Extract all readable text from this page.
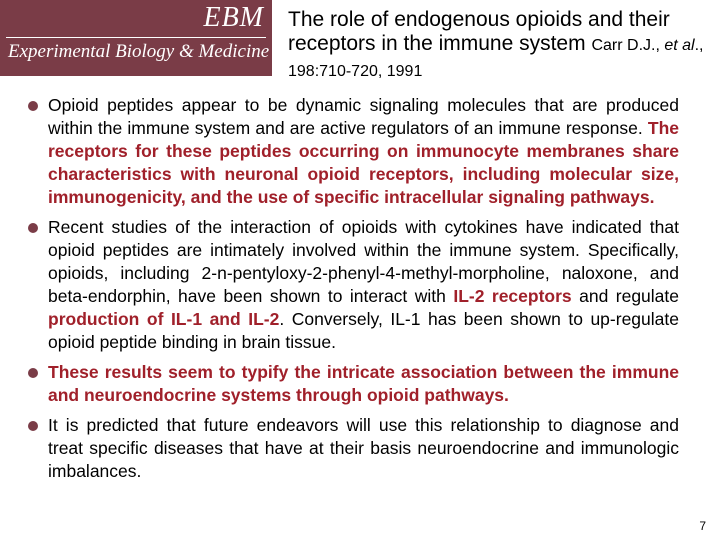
EBM
Experimental Biology & Medicine
The role of endogenous opioids and their receptors in the immune system Carr D.J., et al., 198:710-720, 1991
Opioid peptides appear to be dynamic signaling molecules that are produced within the immune system and are active regulators of an immune response. The receptors for these peptides occurring on immunocyte membranes share characteristics with neuronal opioid receptors, including molecular size, immunogenicity, and the use of specific intracellular signaling pathways.
Recent studies of the interaction of opioids with cytokines have indicated that opioid peptides are intimately involved within the immune system. Specifically, opioids, including 2-n-pentyloxy-2-phenyl-4-methyl-morpholine, naloxone, and beta-endorphin, have been shown to interact with IL-2 receptors and regulate production of IL-1 and IL-2. Conversely, IL-1 has been shown to up-regulate opioid peptide binding in brain tissue.
These results seem to typify the intricate association between the immune and neuroendocrine systems through opioid pathways.
It is predicted that future endeavors will use this relationship to diagnose and treat specific diseases that have at their basis neuroendocrine and immunologic imbalances.
7
